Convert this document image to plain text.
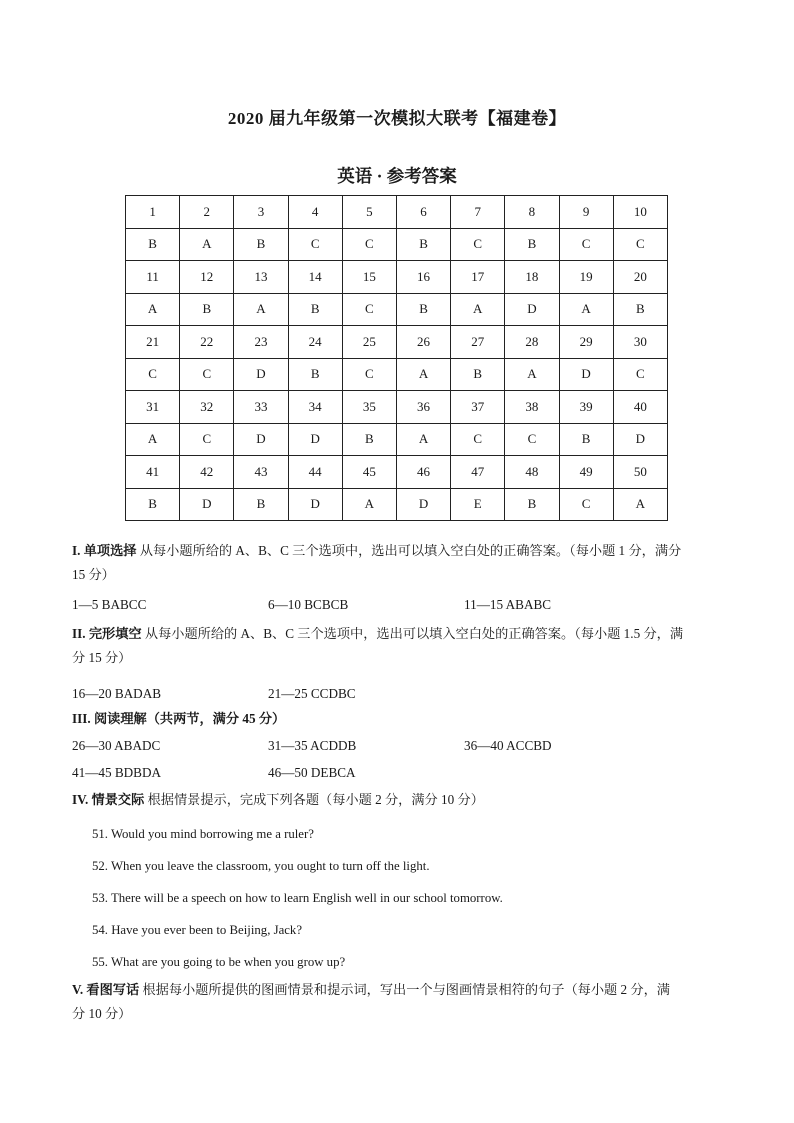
2020 届九年级第一次模拟大联考【福建卷】
英语 · 参考答案
1	2	3	4	5	6	7	8	9	10
B	A	B	C	C	B	C	B	C	C
11	12	13	14	15	16	17	18	19	20
A	B	A	B	C	B	A	D	A	B
21	22	23	24	25	26	27	28	29	30
C	C	D	B	C	A	B	A	D	C
31	32	33	34	35	36	37	38	39	40
A	C	D	D	B	A	C	C	B	D
41	42	43	44	45	46	47	48	49	50
B	D	B	D	A	D	E	B	C	A
I. 单项选择 从每小题所给的 A、B、C 三个选项中，选出可以填入空白处的正确答案。（每小题 1 分，满分
15 分）
1—5 BABCC	6—10 BCBCB	11—15 ABABC
II. 完形填空 从每小题所给的 A、B、C 三个选项中，选出可以填入空白处的正确答案。（每小题 1.5 分，满
分 15 分）
16—20 BADAB	21—25 CCDBC
III. 阅读理解（共两节，满分 45 分）
26—30 ABADC	31—35 ACDDB	36—40 ACCBD
41—45 BDBDA	46—50 DEBCA
IV. 情景交际 根据情景提示，完成下列各题（每小题 2 分，满分 10 分）
51. Would you mind borrowing me a ruler?
52. When you leave the classroom, you ought to turn off the light.
53. There will be a speech on how to learn English well in our school tomorrow.
54. Have you ever been to Beijing, Jack?
55. What are you going to be when you grow up?
V. 看图写话 根据每小题所提供的图画情景和提示词，写出一个与图画情景相符的句子（每小题 2 分，满
分 10 分）
